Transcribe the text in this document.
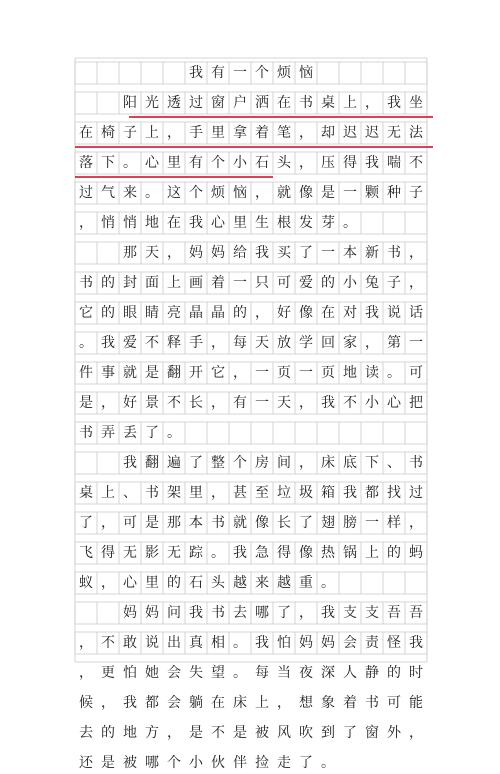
我 有 一 个 烦 恼
阳 光 透 过 窗 户 洒 在 书 桌 上 ， 我 坐
在 椅 子 上 ， 手 里 拿 着 笔 ， 却 迟 迟 无 法
落 下 。 心 里 有 个 小 石 头 ， 压 得 我 喘 不
过 气 来 。 这 个 烦 恼 ， 就 像 是 一 颗 种 子
， 悄 悄 地 在 我 心 里 生 根 发 芽 。
那 天 ， 妈 妈 给 我 买 了 一 本 新 书 ，
书 的 封 面 上 画 着 一 只 可 爱 的 小 兔 子 ，
它 的 眼 睛 亮 晶 晶 的 ， 好 像 在 对 我 说 话
。 我 爱 不 释 手 ， 每 天 放 学 回 家 ， 第 一
件 事 就 是 翻 开 它 ， 一 页 一 页 地 读 。 可
是 ， 好 景 不 长 ， 有 一 天 ， 我 不 小 心 把
书 弄 丢 了 。
我 翻 遍 了 整 个 房 间 ， 床 底 下 、 书
桌 上 、 书 架 里 ， 甚 至 垃 圾 箱 我 都 找 过
了 ， 可 是 那 本 书 就 像 长 了 翅 膀 一 样 ，
飞 得 无 影 无 踪 。 我 急 得 像 热 锅 上 的 蚂
蚁 ， 心 里 的 石 头 越 来 越 重 。
妈 妈 问 我 书 去 哪 了 ， 我 支 支 吾 吾
， 不 敢 说 出 真 相 。 我 怕 妈 妈 会 责 怪 我
， 更 怕 她 会 失 望 。 每 当 夜 深 人 静 的 时
候 ， 我 都 会 躺 在 床 上 ， 想 象 着 书 可 能
去 的 地 方 ， 是 不 是 被 风 吹 到 了 窗 外 ，
还 是 被 哪 个 小 伙 伴 捡 走 了 。
